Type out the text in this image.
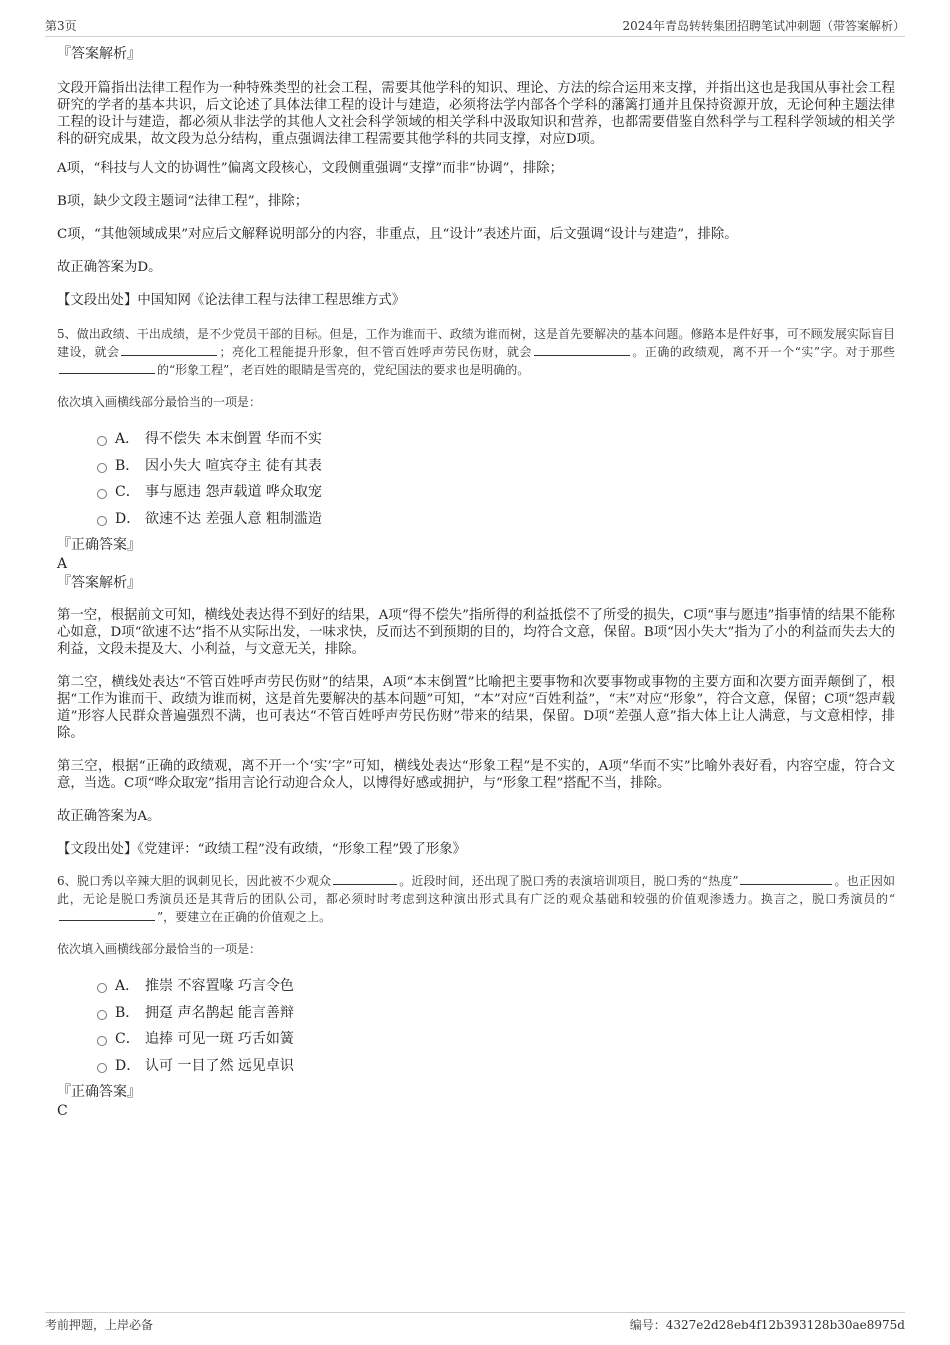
第3页	2024年青岛转转集团招聘笔试冲刺题（带答案解析）

『答案解析』

文段开篇指出法律工程作为一种特殊类型的社会工程，需要其他学科的知识、理论、方法的综合运用来支撑，并指出这也是我国从事社会工程研究的学者的基本共识，后文论述了具体法律工程的设计与建造，必须将法学内部各个学科的藩篱打通并且保持资源开放，无论何种主题法律工程的设计与建造，都必须从非法学的其他人文社会科学领域的相关学科中汲取知识和营养，也都需要借鉴自然科学与工程科学领域的相关学科的研究成果，故文段为总分结构，重点强调法律工程需要其他学科的共同支撑，对应D项。

A项，“科技与人文的协调性”偏离文段核心，文段侧重强调“支撑”而非“协调”，排除；

B项，缺少文段主题词“法律工程”，排除；

C项，“其他领域成果”对应后文解释说明部分的内容，非重点，且“设计”表述片面，后文强调“设计与建造”，排除。

故正确答案为D。

【文段出处】中国知网《论法律工程与法律工程思维方式》

5、做出政绩、干出成绩，是不少党员干部的目标。但是，工作为谁而干、政绩为谁而树，这是首先要解决的基本问题。修路本是件好事，可不顾发展实际盲目建设，就会	；亮化工程能提升形象，但不管百姓呼声劳民伤财，就会	。正确的政绩观，离不开一个“实”字。对于那些的“形象工程”，老百姓的眼睛是雪亮的，党纪国法的要求也是明确的。

依次填入画横线部分最恰当的一项是：

A． 得不偿失 本末倒置 华而不实
B． 因小失大 喧宾夺主 徒有其表
C． 事与愿违 怨声载道 哗众取宠
D． 欲速不达 差强人意 粗制滥造

『正确答案』

A

『答案解析』

第一空，根据前文可知，横线处表达得不到好的结果，A项“得不偿失”指所得的利益抵偿不了所受的损失，C项“事与愿违”指事情的结果不能称心如意，D项“欲速不达”指不从实际出发，一味求快，反而达不到预期的目的，均符合文意，保留。B项“因小失大”指为了小的利益而失去大的利益，文段未提及大、小利益，与文意无关，排除。

第二空，横线处表达“不管百姓呼声劳民伤财”的结果，A项“本末倒置”比喻把主要事物和次要事物或事物的主要方面和次要方面弄颠倒了，根据“工作为谁而干、政绩为谁而树，这是首先要解决的基本问题”可知，“本”对应“百姓利益”，“末”对应“形象”，符合文意，保留；C项“怨声载道”形容人民群众普遍强烈不满，也可表达“不管百姓呼声劳民伤财”带来的结果，保留。D项“差强人意”指大体上让人满意，与文意相悖，排除。

第三空，根据“正确的政绩观，离不开一个‘实’字”可知，横线处表达“形象工程”是不实的，A项“华而不实”比喻外表好看，内容空虚，符合文意，当选。C项“哗众取宠”指用言论行动迎合众人，以博得好感或拥护，与“形象工程”搭配不当，排除。

故正确答案为A。

【文段出处】《党建评：“政绩工程”没有政绩，“形象工程”毁了形象》

6、脱口秀以辛辣大胆的讽刺见长，因此被不少观众	。近段时间，还出现了脱口秀的表演培训项目，脱口秀的“热度”	。也正因如此，无论是脱口秀演员还是其背后的团队公司，都必须时时考虑到这种演出形式具有广泛的观众基础和较强的价值观渗透力。换言之，脱口秀演员的“”，要建立在正确的价值观之上。

依次填入画横线部分最恰当的一项是：

A． 推崇 不容置喙 巧言令色
B． 拥趸 声名鹊起 能言善辩
C． 追捧 可见一斑 巧舌如簧
D． 认可 一目了然 远见卓识

『正确答案』

C

考前押题，上岸必备	编号：4327e2d28eb4f12b393128b30ae8975d
